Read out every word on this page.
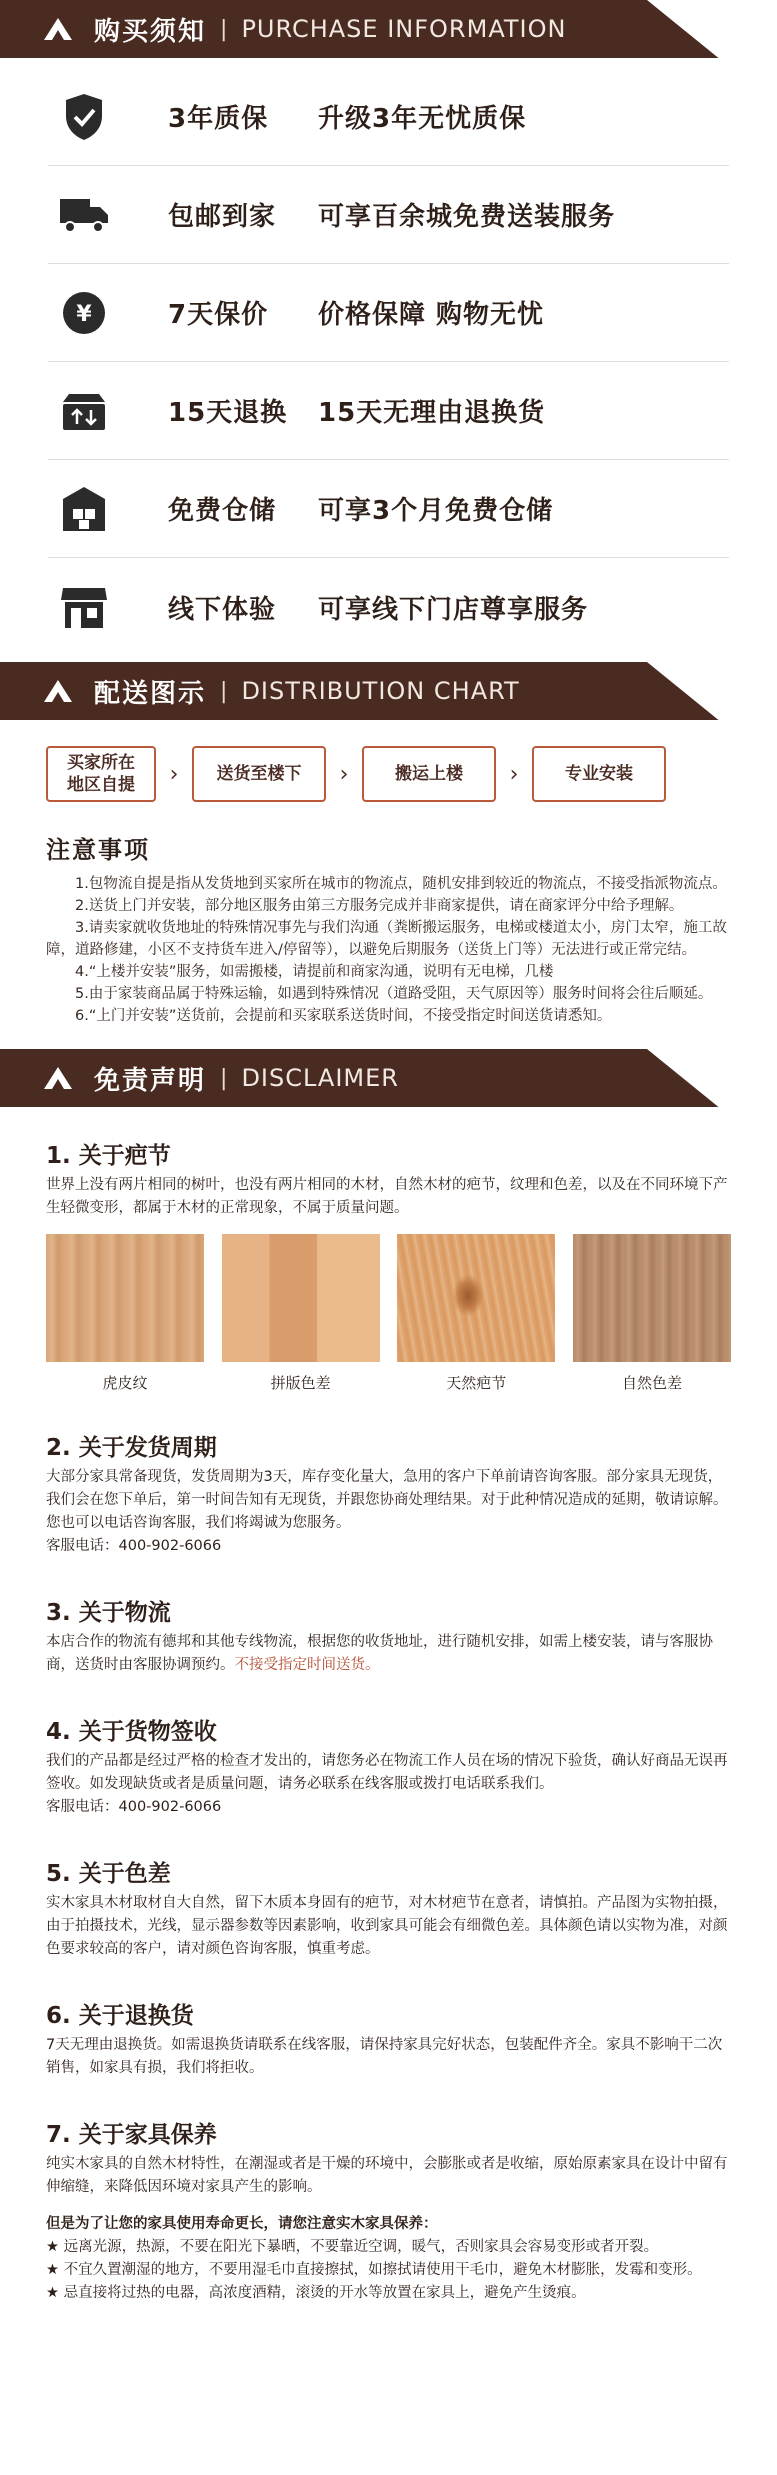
购买须知 | PURCHASE INFORMATION
3年质保	升级3年无忧质保
包邮到家	可享百余城免费送装服务
¥	7天保价	价格保障 购物无忧
15天退换	15天无理由退换货
免费仓储	可享3个月免费仓储
线下体验	可享线下门店尊享服务
配送图示 | DISTRIBUTION CHART
买家所在
地区自提	›	送货至楼下	›	搬运上楼	›	专业安装
注意事项

1.包物流自提是指从发货地到买家所在城市的物流点，随机安排到较近的物流点，不接受指派物流点。

2.送货上门并安装，部分地区服务由第三方服务完成并非商家提供，请在商家评分中给予理解。

3.请卖家就收货地址的特殊情况事先与我们沟通（粪断搬运服务，电梯或楼道太小，房门太窄，施工故障，道路修建，小区不支持货车进入/停留等），以避免后期服务（送货上门等）无法进行或正常完结。

4.“上楼并安装”服务，如需搬楼，请提前和商家沟通，说明有无电梯，几楼

5.由于家装商品属于特殊运输，如遇到特殊情况（道路受阻，天气原因等）服务时间将会往后顺延。

6.“上门并安装”送货前，会提前和买家联系送货时间，不接受指定时间送货请悉知。

免责声明 | DISCLAIMER
1. 关于疤节

世界上没有两片相同的树叶，也没有两片相同的木材，自然木材的疤节，纹理和色差，以及在不同环境下产生轻微变形，都属于木材的正常现象，不属于质量问题。

虎皮纹	拼版色差	天然疤节	自然色差
2. 关于发货周期

大部分家具常备现货，发货周期为3天，库存变化量大，急用的客户下单前请咨询客服。部分家具无现货，我们会在您下单后，第一时间告知有无现货，并跟您协商处理结果。对于此种情况造成的延期，敬请谅解。您也可以电话咨询客服，我们将竭诚为您服务。

客服电话：400-902-6066

3. 关于物流

本店合作的物流有德邦和其他专线物流，根据您的收货地址，进行随机安排，如需上楼安装，请与客服协商，送货时由客服协调预约。不接受指定时间送货。

4. 关于货物签收

我们的产品都是经过严格的检查才发出的，请您务必在物流工作人员在场的情况下验货，确认好商品无误再签收。如发现缺货或者是质量问题，请务必联系在线客服或拨打电话联系我们。

客服电话：400-902-6066

5. 关于色差

实木家具木材取材自大自然，留下木质本身固有的疤节，对木材疤节在意者，请慎拍。产品图为实物拍摄，由于拍摄技术，光线，显示器参数等因素影响，收到家具可能会有细微色差。具体颜色请以实物为准，对颜色要求较高的客户，请对颜色咨询客服，慎重考虑。

6. 关于退换货

7天无理由退换货。如需退换货请联系在线客服，请保持家具完好状态，包装配件齐全。家具不影响干二次销售，如家具有损，我们将拒收。

7. 关于家具保养

纯实木家具的自然木材特性，在潮湿或者是干燥的环境中，会膨胀或者是收缩，原始原素家具在设计中留有伸缩缝，来降低因环境对家具产生的影响。

但是为了让您的家具使用寿命更长，请您注意实木家具保养：

★ 远离光源，热源，不要在阳光下暴晒，不要靠近空调，暖气，否则家具会容易变形或者开裂。

★ 不宜久置潮湿的地方，不要用湿毛巾直接擦拭，如擦拭请使用干毛巾，避免木材膨胀，发霉和变形。

★ 忌直接将过热的电器，高浓度酒精，滚烫的开水等放置在家具上，避免产生烫痕。
